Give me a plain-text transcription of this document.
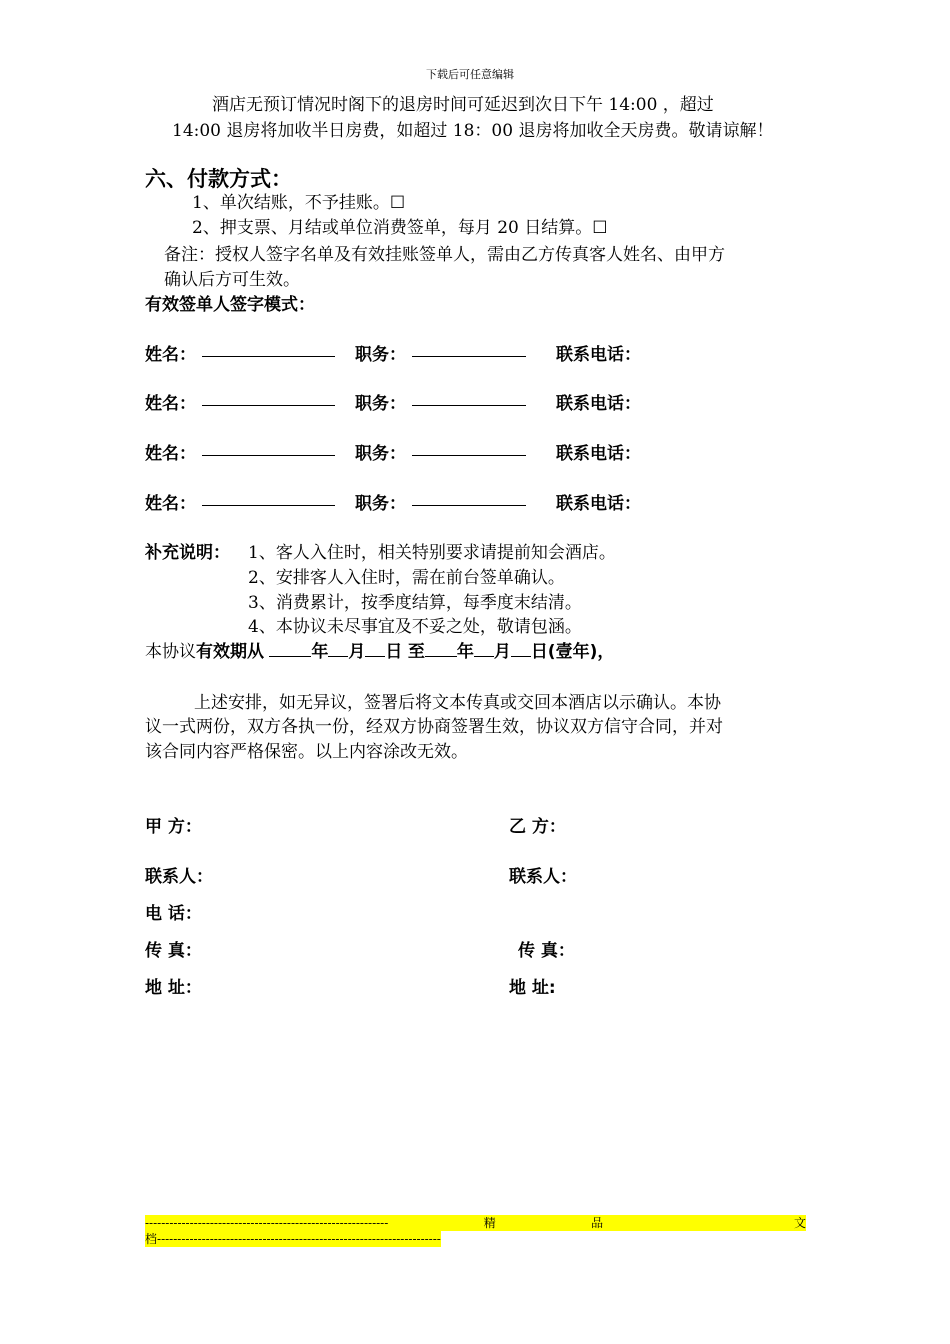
下载后可任意编辑
酒店无预订情况时阁下的退房时间可延迟到次日下午 14:00 ，超过
14:00 退房将加收半日房费，如超过 18：00 退房将加收全天房费。敬请谅解！
六、付款方式：
1、单次结账，不予挂账。☐
2、押支票、月结或单位消费签单，每月 20 日结算。☐
备注：授权人签字名单及有效挂账签单人，需由乙方传真客人姓名、由甲方
确认后方可生效。
有效签单人签字模式：
姓名：	职务：	联系电话：
姓名：	职务：	联系电话：
姓名：	职务：	联系电话：
姓名：	职务：	联系电话：
补充说明： 1、客人入住时，相关特别要求请提前知会酒店。
2、安排客人入住时，需在前台签单确认。
3、消费累计，按季度结算，每季度末结清。
4、本协议未尽事宜及不妥之处，敬请包涵。
本协议有效期从	年 月 日 至 年 月 日(壹年)，
上述安排，如无异议，签署后将文本传真或交回本酒店以示确认。本协
议一式两份，双方各执一份，经双方协商签署生效，协议双方信守合同，并对
该合同内容严格保密。以上内容涂改无效。
甲 方：	乙 方：
联系人：	联系人：
电 话：
传 真：	传 真：
地 址：	地 址:
------------------------------------------------------------	精	品	文
档----------------------------------------------------------------------
